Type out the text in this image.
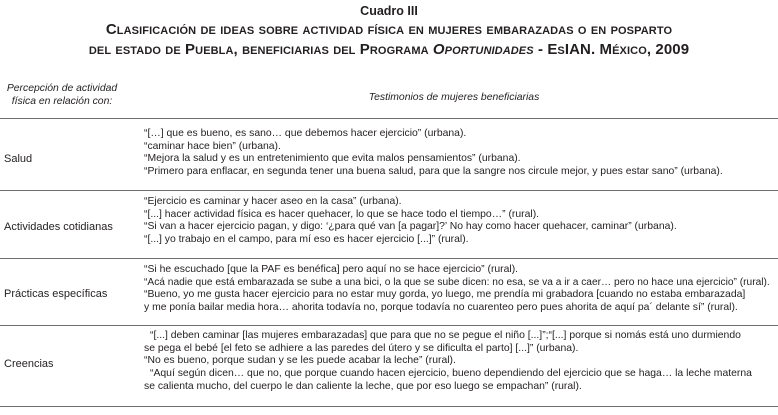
Cuadro III
Clasificación de ideas sobre actividad física en mujeres embarazadas o en posparto
del estado de Puebla, beneficiarias del Programa Oportunidades - EsIAN. México, 2009
Percepción de actividad
física en relación con:	Testimonios de mujeres beneficiarias
Salud
“[…] que es bueno, es sano… que debemos hacer ejercicio” (urbana).
“caminar hace bien” (urbana).
“Mejora la salud y es un entretenimiento que evita malos pensamientos” (urbana).
“Primero para enflacar, en segunda tener una buena salud, para que la sangre nos circule mejor, y pues estar sano” (urbana).
Actividades cotidianas
“Ejercicio es caminar y hacer aseo en la casa” (urbana).
“[...] hacer actividad física es hacer quehacer, lo que se hace todo el tiempo…” (rural).
“Si van a hacer ejercicio pagan, y digo: ‘¿para qué van [a pagar]?’ No hay como hacer quehacer, caminar” (urbana).
“[...] yo trabajo en el campo, para mí eso es hacer ejercicio [...]” (rural).
Prácticas específicas
“Si he escuchado [que la PAF es benéfica] pero aquí no se hace ejercicio” (rural).
“Acá nadie que está embarazada se sube a una bici, o la que se sube dicen: no esa, se va a ir a caer… pero no hace una ejercicio” (rural).
“Bueno, yo me gusta hacer ejercicio para no estar muy gorda, yo luego, me prendía mi grabadora [cuando no estaba embarazada]
y me ponía bailar media hora… ahorita todavía no, porque todavía no cuarenteo pero pues ahorita de aquí pa´ delante sí” (rural).
Creencias
“[...] deben caminar [las mujeres embarazadas] que para que no se pegue el niño [...]”;“[...] porque si nomás está uno durmiendo
se pega el bebé [el feto se adhiere a las paredes del útero y se dificulta el parto] [...]” (urbana).
“No es bueno, porque sudan y se les puede acabar la leche” (rural).
“Aquí según dicen… que no, que porque cuando hacen ejercicio, bueno dependiendo del ejercicio que se haga… la leche materna
se calienta mucho, del cuerpo le dan caliente la leche, que por eso luego se empachan” (rural).
